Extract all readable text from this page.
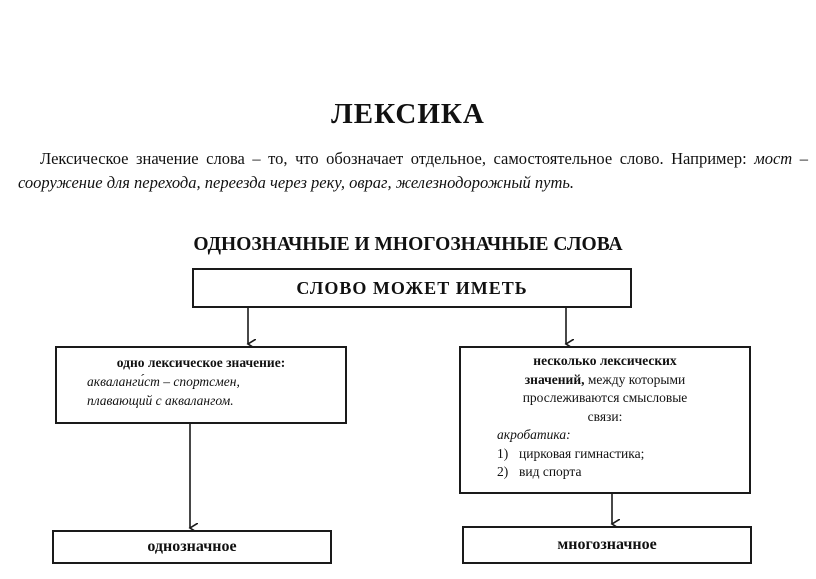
ЛЕКСИКА
Лексическое значение слова – то, что обозначает отдельное, самостоятельное слово. Например: мост – сооружение для перехода, переезда через реку, овраг, железнодорожный путь.
ОДНОЗНАЧНЫЕ И МНОГОЗНАЧНЫЕ СЛОВА
СЛОВО МОЖЕТ ИМЕТЬ
одно лексическое значение:
акваланги́ст – спортсмен,
плавающий с аквалангом.
несколько лексических
значений, между которыми
прослеживаются смысловые
связи:
акробатика:
1) цирковая гимнастика;
2) вид спорта
однозначное	многозначное
